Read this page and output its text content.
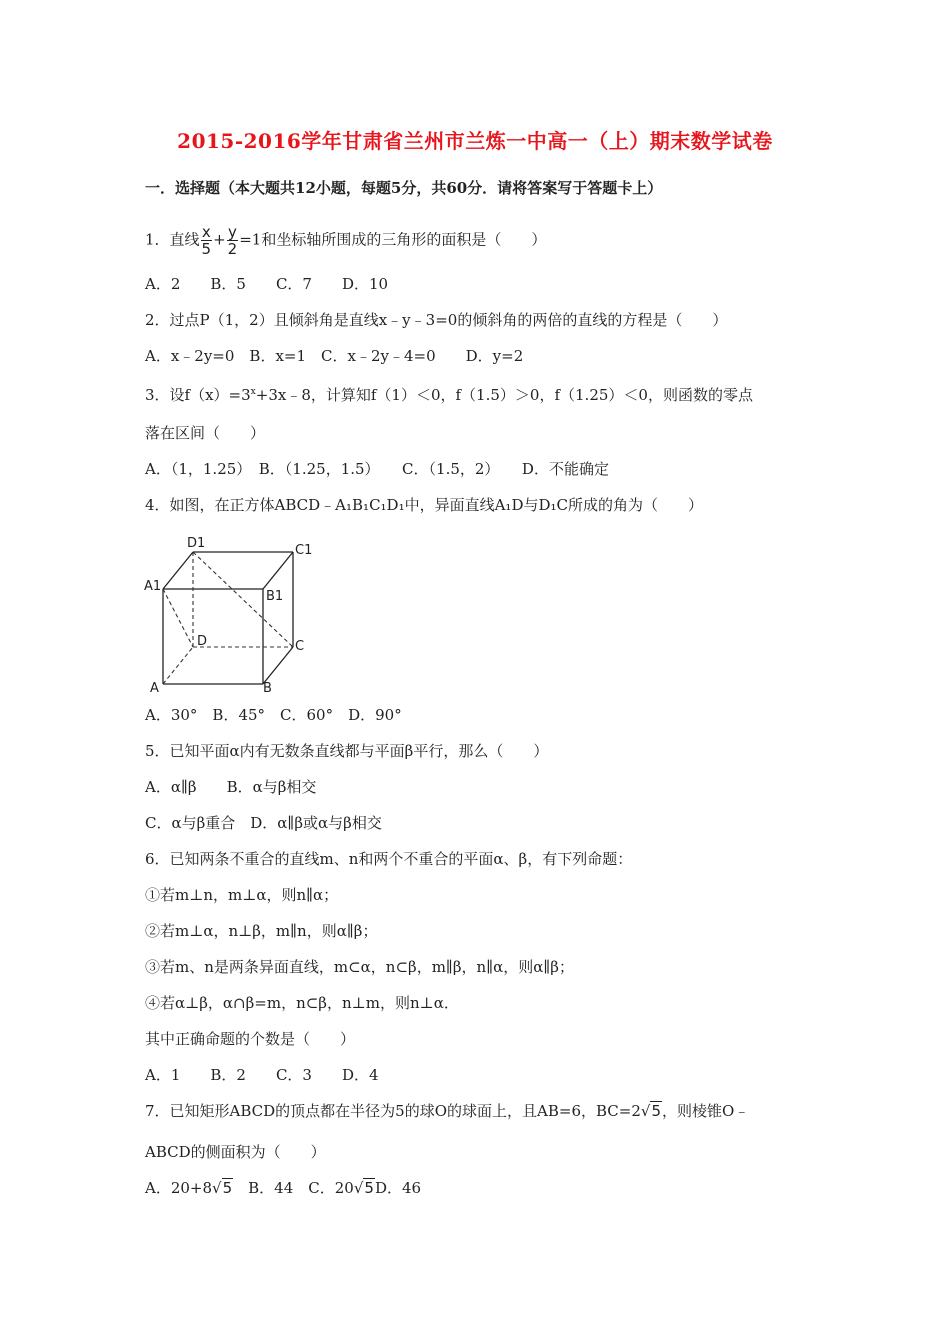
2015-2016学年甘肃省兰州市兰炼一中高一（上）期末数学试卷
一．选择题（本大题共12小题，每题5分，共60分．请将答案写于答题卡上）
1．直线 $\frac{x}{5} + \frac{y}{2} =1$和坐标轴所围成的三角形的面积是（　　）
A．2　　B．5　　C．7　　D．10
2．过点P（1，2）且倾斜角是直线x﹣y﹣3=0的倾斜角的两倍的直线的方程是（　　）
A．x﹣2y=0　B．x=1　C．x﹣2y﹣4=0　　D．y=2
3．设$f(x)=3^x+3x﹣8$，计算知f（1）＜0，f（1.5）＞0，f（1.25）＜0，则函数的零点
落在区间（　　）
A．（1，1.25）　B．（1.25，1.5）　　C．（1.5，2）　　D．不能确定
4．如图，在正方体ABCD﹣A₁B₁C₁D₁中，异面直线A₁D与D₁C所成的角为（　　）
D1	C1
A1
B1
D	C
A	B
A．30°　B．45°　C．60°　D．90°
5．已知平面α内有无数条直线都与平面β平行，那么（　　）
A．α∥β　　B．α与β相交
C．α与β重合　D．α∥β或α与β相交
6．已知两条不重合的直线m、n和两个不重合的平面α、β，有下列命题：
①若m⊥n，m⊥α，则n∥α；
②若m⊥α，n⊥β，m∥n，则α∥β；
③若m、n是两条异面直线，m⊂α，n⊂β，m∥β，n∥α，则α∥β；
④若α⊥β，α∩β=m，n⊂β，n⊥m，则n⊥α．
其中正确命题的个数是（　　）
A．1　　B．2　　C．3　　D．4
7．已知矩形ABCD的顶点都在半径为5的球O的球面上，且AB=6，BC=2√5，则棱锥O﹣
ABCD的侧面积为（　　）
A．20+8√5　B．44　C．20√5D．46
